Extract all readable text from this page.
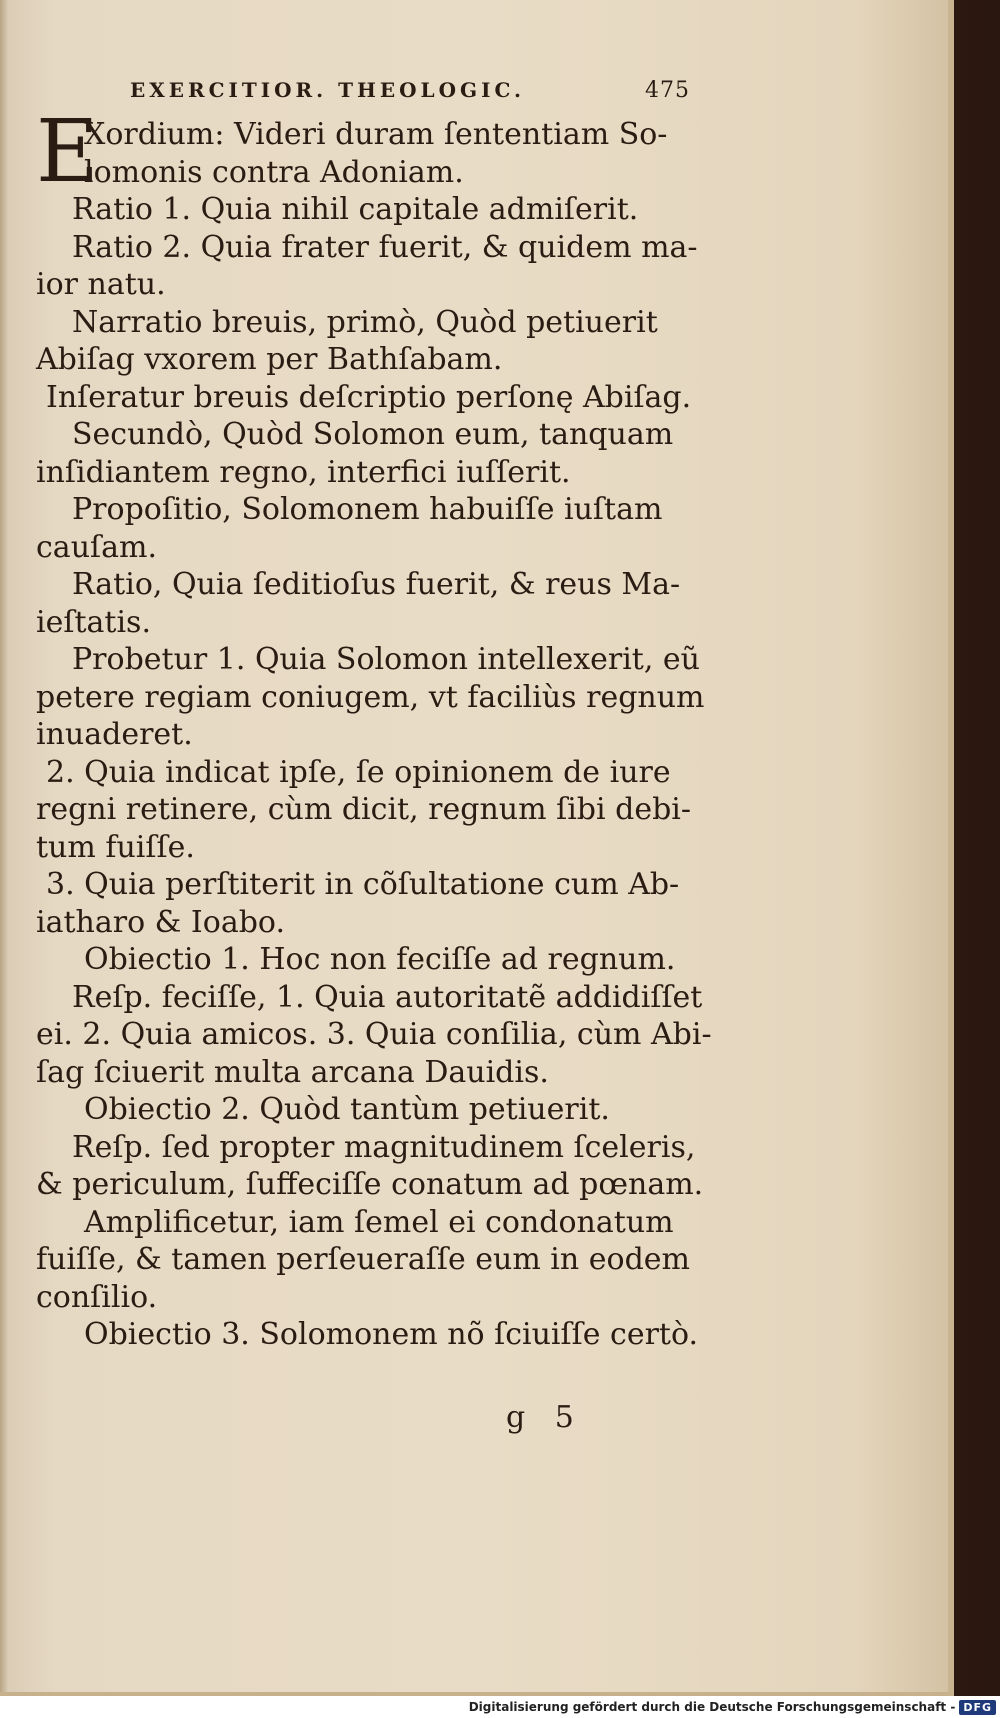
EXERCITIOR. THEOLOGIC.	475
E
Xordium: Videri duram ſententiam So-
lomonis contra Adoniam.
Ratio 1. Quia nihil capitale admiſerit.
Ratio 2. Quia frater fuerit, & quidem ma-
ior natu.
Narratio breuis, primò, Quòd petiuerit
Abiſag vxorem per Bathſabam.
Inſeratur breuis deſcriptio perſonę Abiſag.
Secundò, Quòd Solomon eum, tanquam
inſidiantem regno, interfici iuſſerit.
Propoſitio, Solomonem habuiſſe iuſtam
cauſam.
Ratio, Quia ſeditioſus fuerit, & reus Ma-
ieſtatis.
Probetur 1. Quia Solomon intellexerit, eũ
petere regiam coniugem, vt faciliùs regnum
inuaderet.
2. Quia indicat ipſe, ſe opinionem de iure
regni retinere, cùm dicit, regnum ſibi debi-
tum fuiſſe.
3. Quia perſtiterit in cõſultatione cum Ab-
iatharo & Ioabo.
Obiectio 1. Hoc non feciſſe ad regnum.
Reſp. feciſſe, 1. Quia autoritatẽ addidiſſet
ei. 2. Quia amicos. 3. Quia conſilia, cùm Abi-
ſag ſciuerit multa arcana Dauidis.
Obiectio 2. Quòd tantùm petiuerit.
Reſp. ſed propter magnitudinem ſceleris,
& periculum, ſuffeciſſe conatum ad pœnam.
Amplificetur, iam ſemel ei condonatum
fuiſſe, & tamen perſeueraſſe eum in eodem
conſilio.
Obiectio 3. Solomonem nõ ſciuiſſe certò.
g 5
Digitalisierung gefördert durch die Deutsche Forschungsgemeinschaft - DFG
